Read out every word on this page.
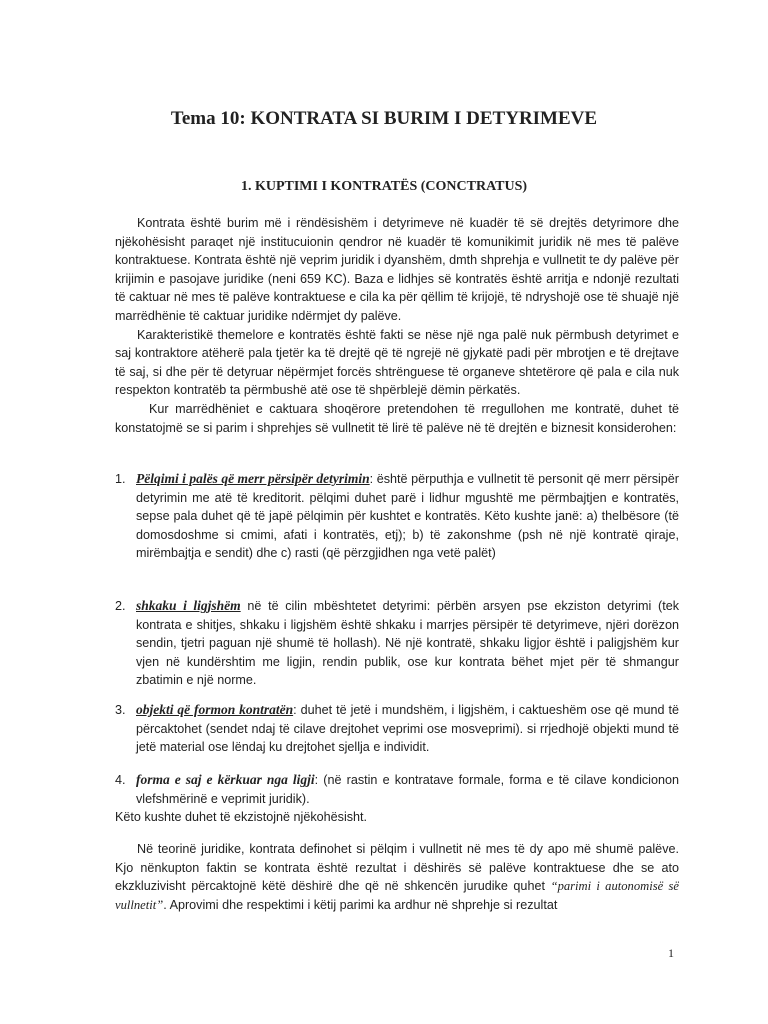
Tema 10: KONTRATA SI BURIM I DETYRIMEVE
1. KUPTIMI I KONTRATËS (CONCTRATUS)

Kontrata është burim më i rëndësishëm i detyrimeve në kuadër të së drejtës detyrimore dhe njëkohësisht paraqet një institucuionin qendror në kuadër të komunikimit juridik në mes të palëve kontraktuese. Kontrata është një veprim juridik i dyanshëm, dmth shprehja e vullnetit te dy palëve për krijimin e pasojave juridike (neni 659 KC). Baza e lidhjes së kontratës është arritja e ndonjë rezultati të caktuar në mes të palëve kontraktuese e cila ka për qëllim të krijojë, të ndryshojë ose të shuajë një marrëdhënie të caktuar juridike ndërmjet dy palëve.

Karakteristikë themelore e kontratës është fakti se nëse një nga palë nuk përmbush detyrimet e saj kontraktore atëherë pala tjetër ka të drejtë që të ngrejë në gjykatë padi për mbrotjen e të drejtave të saj, si dhe për të detyruar nëpërmjet forcës shtrënguese të organeve shtetërore që pala e cila nuk respekton kontratëb ta përmbushë atë ose të shpërblejë dëmin përkatës.

Kur marrëdhëniet e caktuara shoqërore pretendohen të rregullohen me kontratë, duhet të konstatojmë se si parim i shprehjes së vullnetit të lirë të palëve në të drejtën e biznesit konsiderohen:

1. Pëlqimi i palës që merr përsipër detyrimin: është përputhja e vullnetit të personit që merr përsipër detyrimin me atë të kreditorit. pëlqimi duhet parë i lidhur mgushtë me përmbajtjen e kontratës, sepse pala duhet që të japë pëlqimin për kushtet e kontratës. Këto kushte janë: a) thelbësore (të domosdoshme si cmimi, afati i kontratës, etj); b) të zakonshme (psh në një kontratë qiraje, mirëmbajtja e sendit) dhe c) rasti (që përzgjidhen nga vetë palët)
2. shkaku i ligjshëm në të cilin mbështetet detyrimi: përbën arsyen pse ekziston detyrimi (tek kontrata e shitjes, shkaku i ligjshëm është shkaku i marrjes përsipër të detyrimeve, njëri dorëzon sendin, tjetri paguan një shumë të hollash). Në një kontratë, shkaku ligjor është i paligjshëm kur vjen në kundërshtim me ligjin, rendin publik, ose kur kontrata bëhet mjet për të shmangur zbatimin e një norme.
3. objekti që formon kontratën: duhet të jetë i mundshëm, i ligjshëm, i caktueshëm ose që mund të përcaktohet (sendet ndaj të cilave drejtohet veprimi ose mosveprimi). si rrjedhojë objekti mund të jetë material ose lëndaj ku drejtohet sjellja e individit.
4. forma e saj e kërkuar nga ligji: (në rastin e kontratave formale, forma e të cilave kondicionon vlefshmërinë e veprimit juridik).
Këto kushte duhet të ekzistojnë njëkohësisht.

Në teorinë juridike, kontrata definohet si pëlqim i vullnetit në mes të dy apo më shumë palëve. Kjo nënkupton faktin se kontrata është rezultat i dëshirës së palëve kontraktuese dhe se ato ekzkluzivisht përcaktojnë këtë dëshirë dhe që në shkencën jurudike quhet “parimi i autonomisë së vullnetit”. Aprovimi dhe respektimi i këtij parimi ka ardhur në shprehje si rezultat

1
